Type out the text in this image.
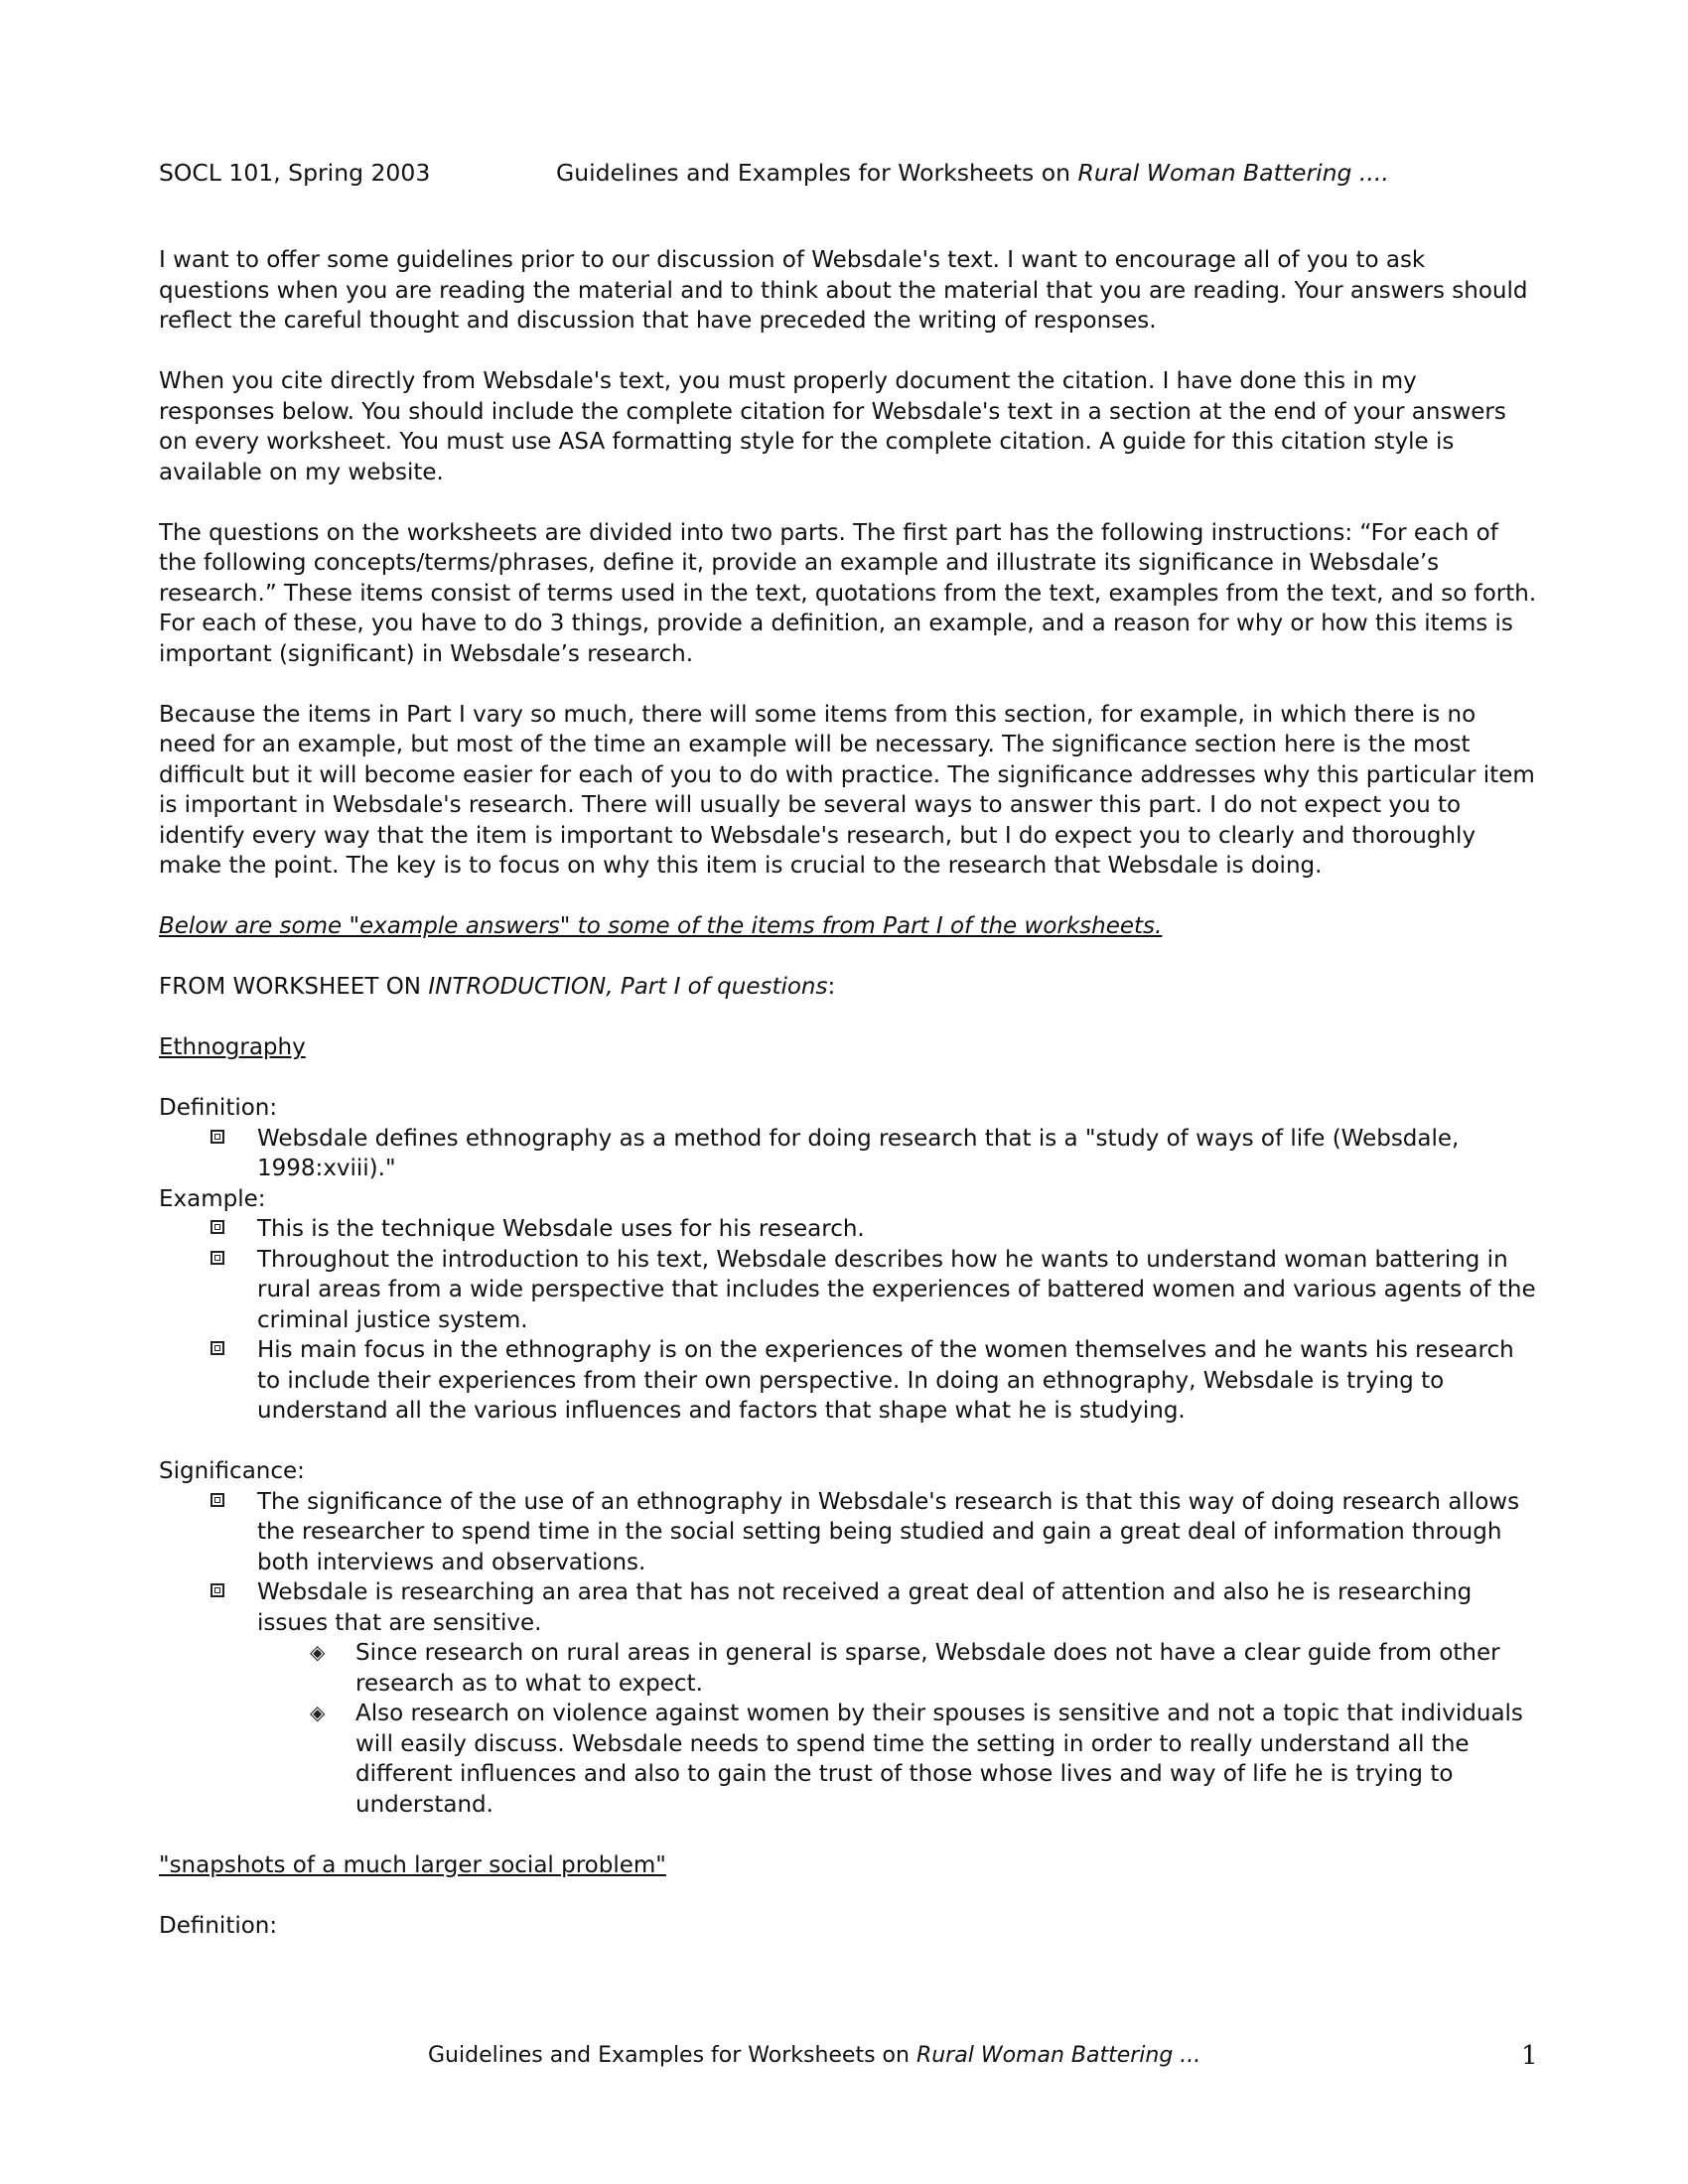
SOCL 101, Spring 2003	Guidelines and Examples for Worksheets on Rural Woman Battering ....

I want to offer some guidelines prior to our discussion of Websdale's text. I want to encourage all of you to ask questions when you are reading the material and to think about the material that you are reading. Your answers should reflect the careful thought and discussion that have preceded the writing of responses.

When you cite directly from Websdale's text, you must properly document the citation. I have done this in my responses below. You should include the complete citation for Websdale's text in a section at the end of your answers on every worksheet. You must use ASA formatting style for the complete citation. A guide for this citation style is available on my website.

The questions on the worksheets are divided into two parts. The first part has the following instructions: “For each of the following concepts/terms/phrases, define it, provide an example and illustrate its significance in Websdale’s research.” These items consist of terms used in the text, quotations from the text, examples from the text, and so forth. For each of these, you have to do 3 things, provide a definition, an example, and a reason for why or how this items is important (significant) in Websdale’s research.

Because the items in Part I vary so much, there will some items from this section, for example, in which there is no need for an example, but most of the time an example will be necessary. The significance section here is the most difficult but it will become easier for each of you to do with practice. The significance addresses why this particular item is important in Websdale's research. There will usually be several ways to answer this part. I do not expect you to identify every way that the item is important to Websdale's research, but I do expect you to clearly and thoroughly make the point. The key is to focus on why this item is crucial to the research that Websdale is doing.

Below are some "example answers" to some of the items from Part I of the worksheets.

FROM WORKSHEET ON INTRODUCTION, Part I of questions:

Ethnography

Definition:
Websdale defines ethnography as a method for doing research that is a "study of ways of life (Websdale, 1998:xviii)."
Example:
This is the technique Websdale uses for his research.
Throughout the introduction to his text, Websdale describes how he wants to understand woman battering in rural areas from a wide perspective that includes the experiences of battered women and various agents of the criminal justice system.
His main focus in the ethnography is on the experiences of the women themselves and he wants his research to include their experiences from their own perspective. In doing an ethnography, Websdale is trying to understand all the various influences and factors that shape what he is studying.
Significance:
The significance of the use of an ethnography in Websdale's research is that this way of doing research allows the researcher to spend time in the social setting being studied and gain a great deal of information through both interviews and observations.
Websdale is researching an area that has not received a great deal of attention and also he is researching issues that are sensitive.
◈ Since research on rural areas in general is sparse, Websdale does not have a clear guide from other research as to what to expect.
◈ Also research on violence against women by their spouses is sensitive and not a topic that individuals will easily discuss. Websdale needs to spend time the setting in order to really understand all the different influences and also to gain the trust of those whose lives and way of life he is trying to understand.

"snapshots of a much larger social problem"

Definition:
Guidelines and Examples for Worksheets on Rural Woman Battering ...	1
